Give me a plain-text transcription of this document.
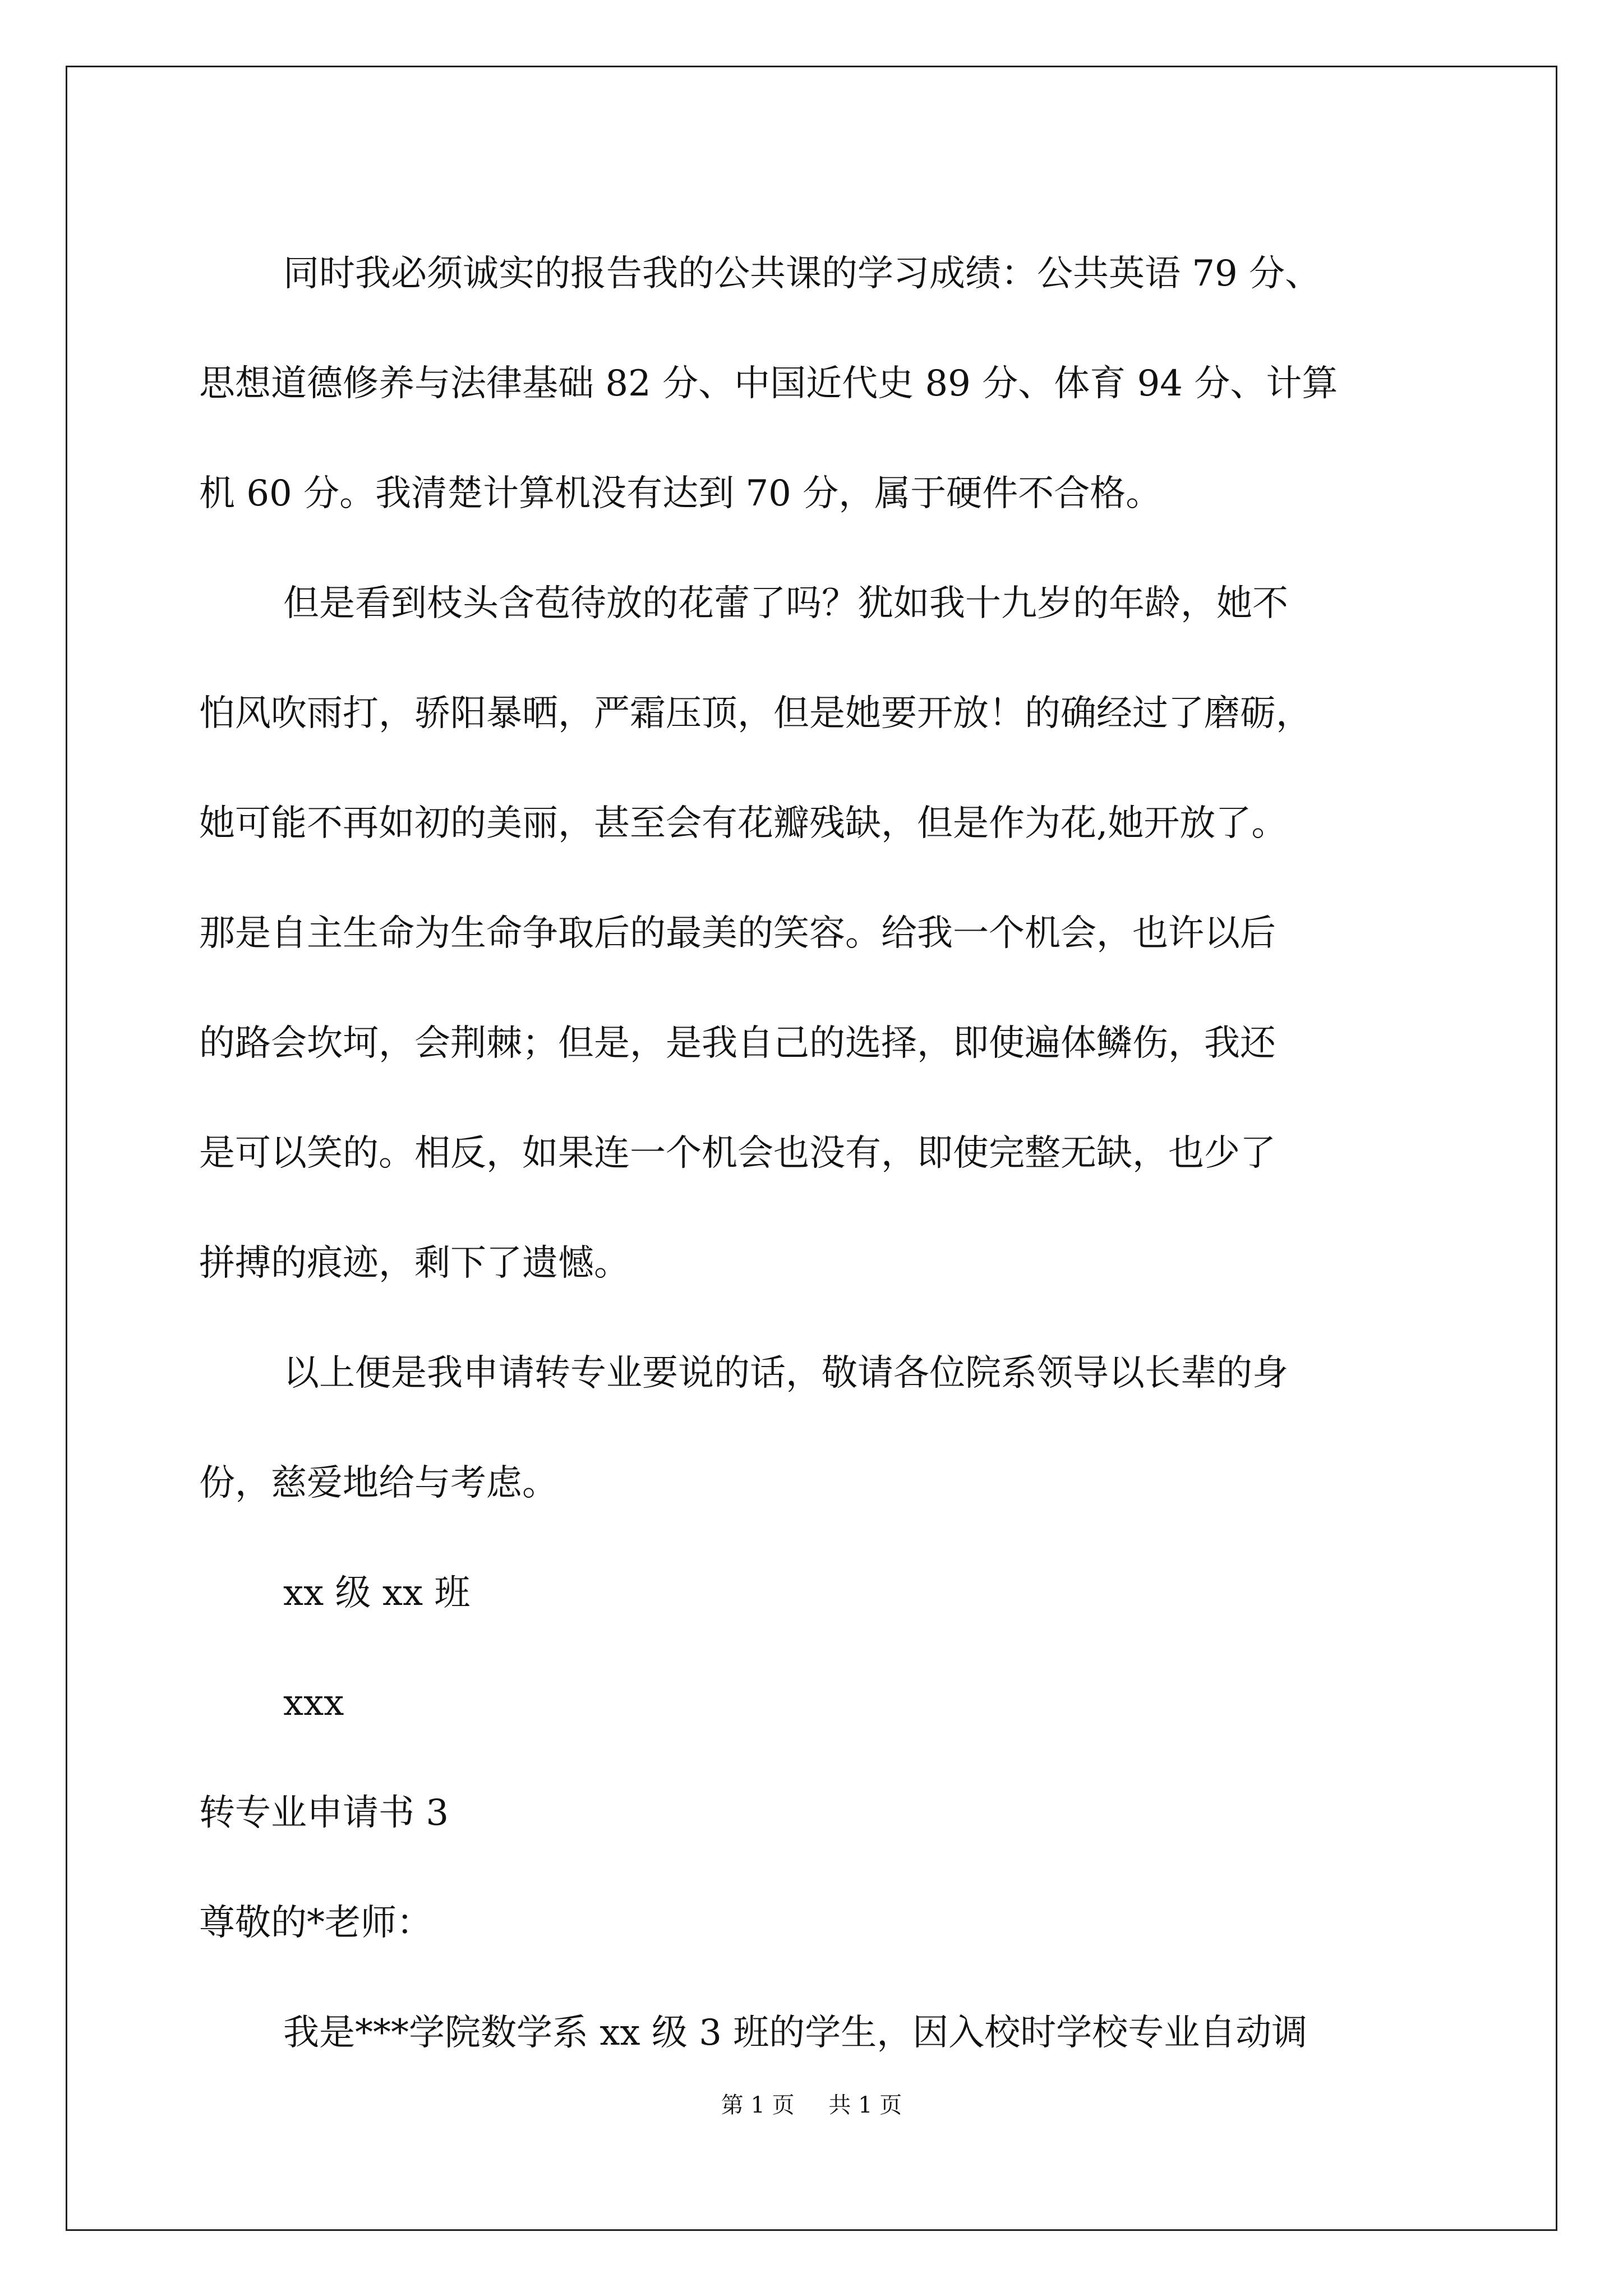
同时我必须诚实的报告我的公共课的学习成绩：公共英语 79 分、
思想道德修养与法律基础 82 分、中国近代史 89 分、体育 94 分、计算
机 60 分。我清楚计算机没有达到 70 分，属于硬件不合格。
但是看到枝头含苞待放的花蕾了吗？犹如我十九岁的年龄，她不
怕风吹雨打，骄阳暴晒，严霜压顶，但是她要开放！的确经过了磨砺，
她可能不再如初的美丽，甚至会有花瓣残缺，但是作为花,她开放了。
那是自主生命为生命争取后的最美的笑容。给我一个机会，也许以后
的路会坎坷，会荆棘；但是，是我自己的选择，即使遍体鳞伤，我还
是可以笑的。相反，如果连一个机会也没有，即使完整无缺，也少了
拼搏的痕迹，剩下了遗憾。
以上便是我申请转专业要说的话，敬请各位院系领导以长辈的身
份，慈爱地给与考虑。
xx 级 xx 班
xxx
转专业申请书 3
尊敬的*老师：
我是***学院数学系 xx 级 3 班的学生，因入校时学校专业自动调
第 1 页 共 1 页
